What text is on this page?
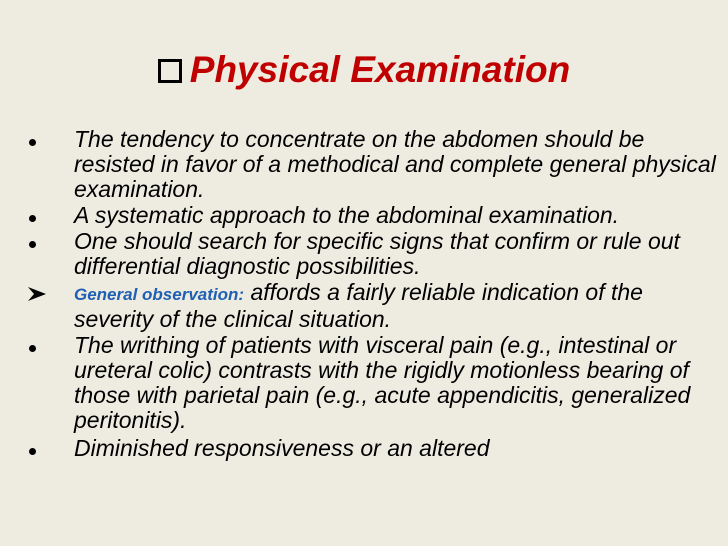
Physical Examination
The tendency to concentrate on the abdomen should be resisted in favor of a methodical and complete general physical examination.
A systematic approach to the abdominal examination.
One should search for specific signs that confirm or rule out differential diagnostic possibilities.
General observation: affords a fairly reliable indication of the severity of the clinical situation.
The writhing of patients with visceral pain (e.g., intestinal or ureteral colic) contrasts with the rigidly motionless bearing of those with parietal pain (e.g., acute appendicitis, generalized peritonitis).
Diminished responsiveness or an altered
